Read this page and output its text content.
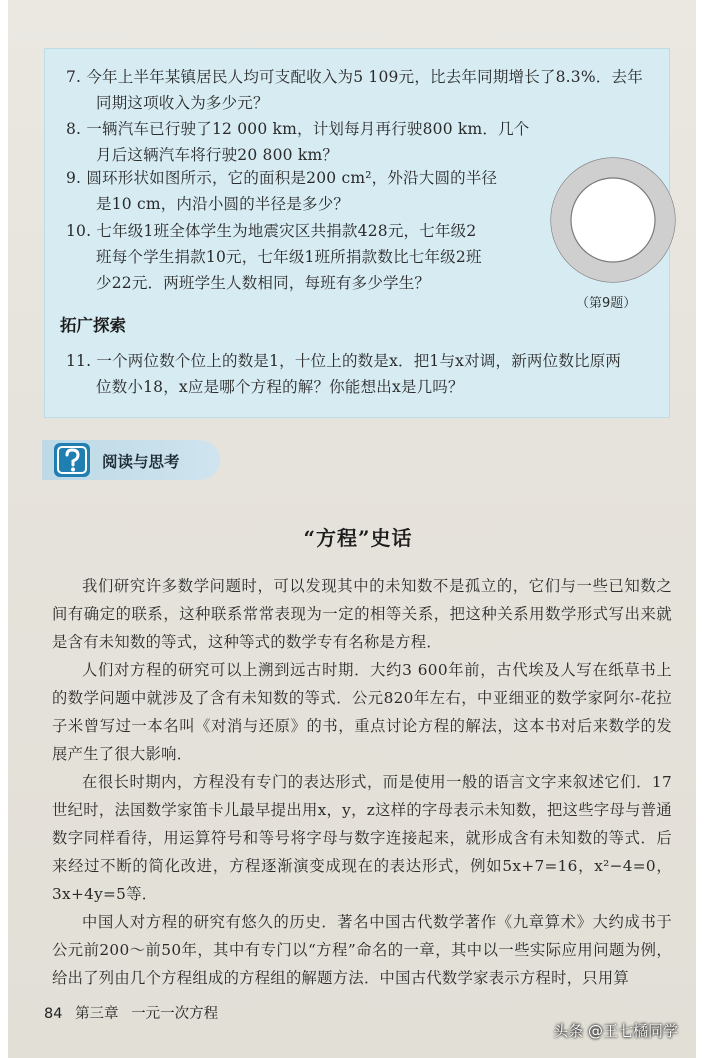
7. 今年上半年某镇居民人均可支配收入为5 109元，比去年同期增长了8.3%．去年
同期这项收入为多少元？

8. 一辆汽车已行驶了12 000 km，计划每月再行驶800 km．几个
月后这辆汽车将行驶20 800 km？

9. 圆环形状如图所示，它的面积是200 cm²，外沿大圆的半径
是10 cm，内沿小圆的半径是多少？

10. 七年级1班全体学生为地震灾区共捐款428元，七年级2
班每个学生捐款10元，七年级1班所捐款数比七年级2班
少22元．两班学生人数相同，每班有多少学生？

（第9题）

拓广探索

11. 一个两位数个位上的数是1，十位上的数是x．把1与x对调，新两位数比原两
位数小18，x应是哪个方程的解？你能想出x是几吗？

阅读与思考

“方程”史话

我们研究许多数学问题时，可以发现其中的未知数不是孤立的，它们与一些已知数之间有确定的联系，这种联系常常表现为一定的相等关系，把这种关系用数学形式写出来就是含有未知数的等式，这种等式的数学专有名称是方程．

人们对方程的研究可以上溯到远古时期．大约3 600年前，古代埃及人写在纸草书上的数学问题中就涉及了含有未知数的等式．公元820年左右，中亚细亚的数学家阿尔-花拉子米曾写过一本名叫《对消与还原》的书，重点讨论方程的解法，这本书对后来数学的发展产生了很大影响．

在很长时期内，方程没有专门的表达形式，而是使用一般的语言文字来叙述它们．17世纪时，法国数学家笛卡儿最早提出用x，y，z这样的字母表示未知数，把这些字母与普通数字同样看待，用运算符号和等号将字母与数字连接起来，就形成含有未知数的等式．后来经过不断的简化改进，方程逐渐演变成现在的表达形式，例如5x+7=16，x²−4=0，3x+4y=5等．

中国人对方程的研究有悠久的历史．著名中国古代数学著作《九章算术》大约成书于公元前200～前50年，其中有专门以“方程”命名的一章，其中以一些实际应用问题为例，给出了列由几个方程组成的方程组的解题方法．中国古代数学家表示方程时，只用算

84 第三章 一元一次方程

头条 @王七橘同学
